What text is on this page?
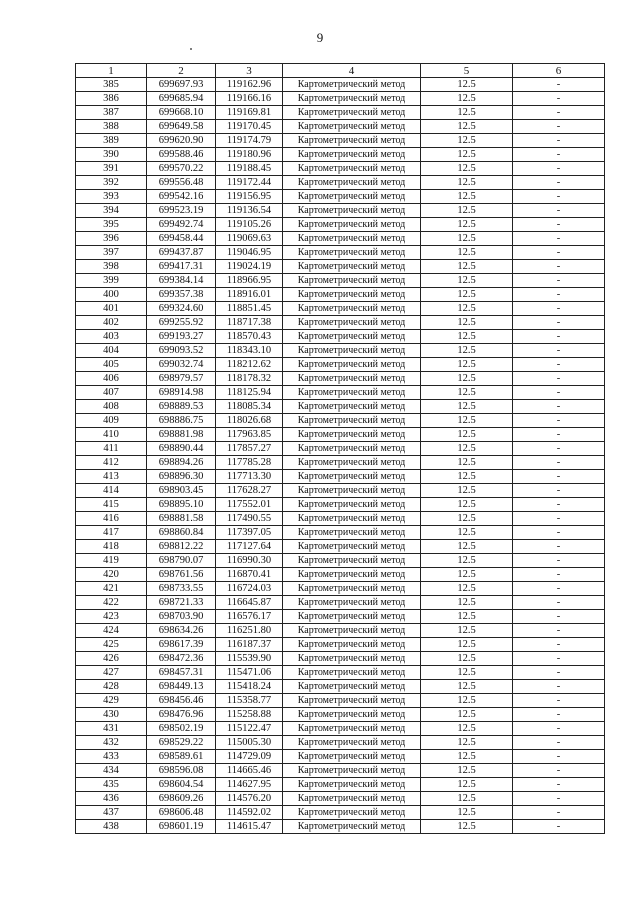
9
1	2	3	4	5	6
385	699697.93	119162.96	Картометрический метод	12.5	-
386	699685.94	119166.16	Картометрический метод	12.5	-
387	699668.10	119169.81	Картометрический метод	12.5	-
388	699649.58	119170.45	Картометрический метод	12.5	-
389	699620.90	119174.79	Картометрический метод	12.5	-
390	699588.46	119180.96	Картометрический метод	12.5	-
391	699570.22	119188.45	Картометрический метод	12.5	-
392	699556.48	119172.44	Картометрический метод	12.5	-
393	699542.16	119156.95	Картометрический метод	12.5	-
394	699523.19	119136.54	Картометрический метод	12.5	-
395	699492.74	119105.26	Картометрический метод	12.5	-
396	699458.44	119069.63	Картометрический метод	12.5	-
397	699437.87	119046.95	Картометрический метод	12.5	-
398	699417.31	119024.19	Картометрический метод	12.5	-
399	699384.14	118966.95	Картометрический метод	12.5	-
400	699357.38	118916.01	Картометрический метод	12.5	-
401	699324.60	118851.45	Картометрический метод	12.5	-
402	699255.92	118717.38	Картометрический метод	12.5	-
403	699193.27	118570.43	Картометрический метод	12.5	-
404	699093.52	118343.10	Картометрический метод	12.5	-
405	699032.74	118212.62	Картометрический метод	12.5	-
406	698979.57	118178.32	Картометрический метод	12.5	-
407	698914.98	118125.94	Картометрический метод	12.5	-
408	698889.53	118085.34	Картометрический метод	12.5	-
409	698886.75	118026.68	Картометрический метод	12.5	-
410	698881.98	117963.85	Картометрический метод	12.5	-
411	698890.44	117857.27	Картометрический метод	12.5	-
412	698894.26	117785.28	Картометрический метод	12.5	-
413	698896.30	117713.30	Картометрический метод	12.5	-
414	698903.45	117628.27	Картометрический метод	12.5	-
415	698895.10	117552.01	Картометрический метод	12.5	-
416	698881.58	117490.55	Картометрический метод	12.5	-
417	698860.84	117397.05	Картометрический метод	12.5	-
418	698812.22	117127.64	Картометрический метод	12.5	-
419	698790.07	116990.30	Картометрический метод	12.5	-
420	698761.56	116870.41	Картометрический метод	12.5	-
421	698733.55	116724.03	Картометрический метод	12.5	-
422	698721.33	116645.87	Картометрический метод	12.5	-
423	698703.90	116576.17	Картометрический метод	12.5	-
424	698634.26	116251.80	Картометрический метод	12.5	-
425	698617.39	116187.37	Картометрический метод	12.5	-
426	698472.36	115539.90	Картометрический метод	12.5	-
427	698457.31	115471.06	Картометрический метод	12.5	-
428	698449.13	115418.24	Картометрический метод	12.5	-
429	698456.46	115358.77	Картометрический метод	12.5	-
430	698476.96	115258.88	Картометрический метод	12.5	-
431	698502.19	115122.47	Картометрический метод	12.5	-
432	698529.22	115005.30	Картометрический метод	12.5	-
433	698589.61	114729.09	Картометрический метод	12.5	-
434	698596.08	114665.46	Картометрический метод	12.5	-
435	698604.54	114627.95	Картометрический метод	12.5	-
436	698609.26	114576.20	Картометрический метод	12.5	-
437	698606.48	114592.02	Картометрический метод	12.5	-
438	698601.19	114615.47	Картометрический метод	12.5	-
